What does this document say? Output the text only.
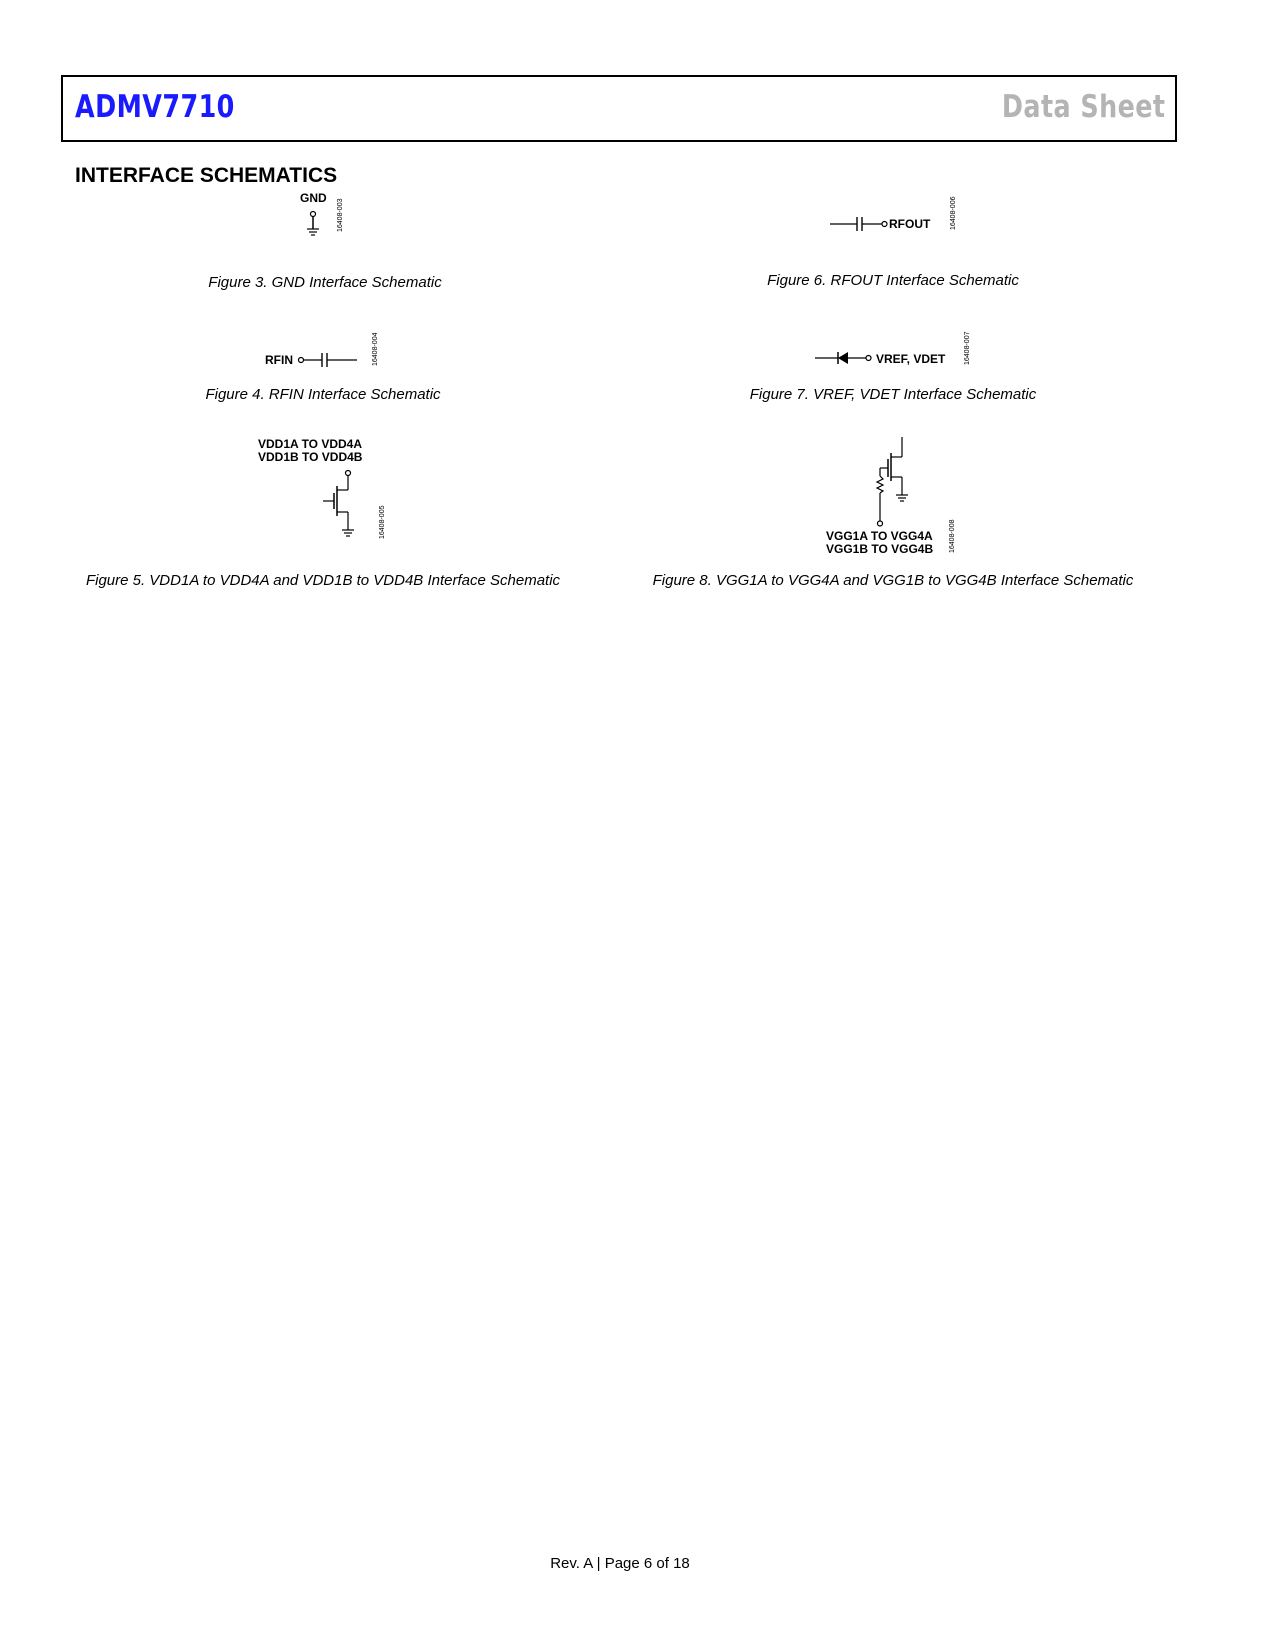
ADMV7710	Data Sheet
INTERFACE SCHEMATICS
GND
16408-003
Figure 3. GND Interface Schematic
RFIN	16408-004
Figure 4. RFIN Interface Schematic
VDD1A TO VDD4A
VDD1B TO VDD4B
16408-005
Figure 5. VDD1A to VDD4A and VDD1B to VDD4B Interface Schematic
RFOUT	16408-006
Figure 6. RFOUT Interface Schematic
VREF, VDET	16408-007
Figure 7. VREF, VDET Interface Schematic
VGG1A TO VGG4A
VGG1B TO VGG4B 16408-008
Figure 8. VGG1A to VGG4A and VGG1B to VGG4B Interface Schematic
Rev. A | Page 6 of 18
